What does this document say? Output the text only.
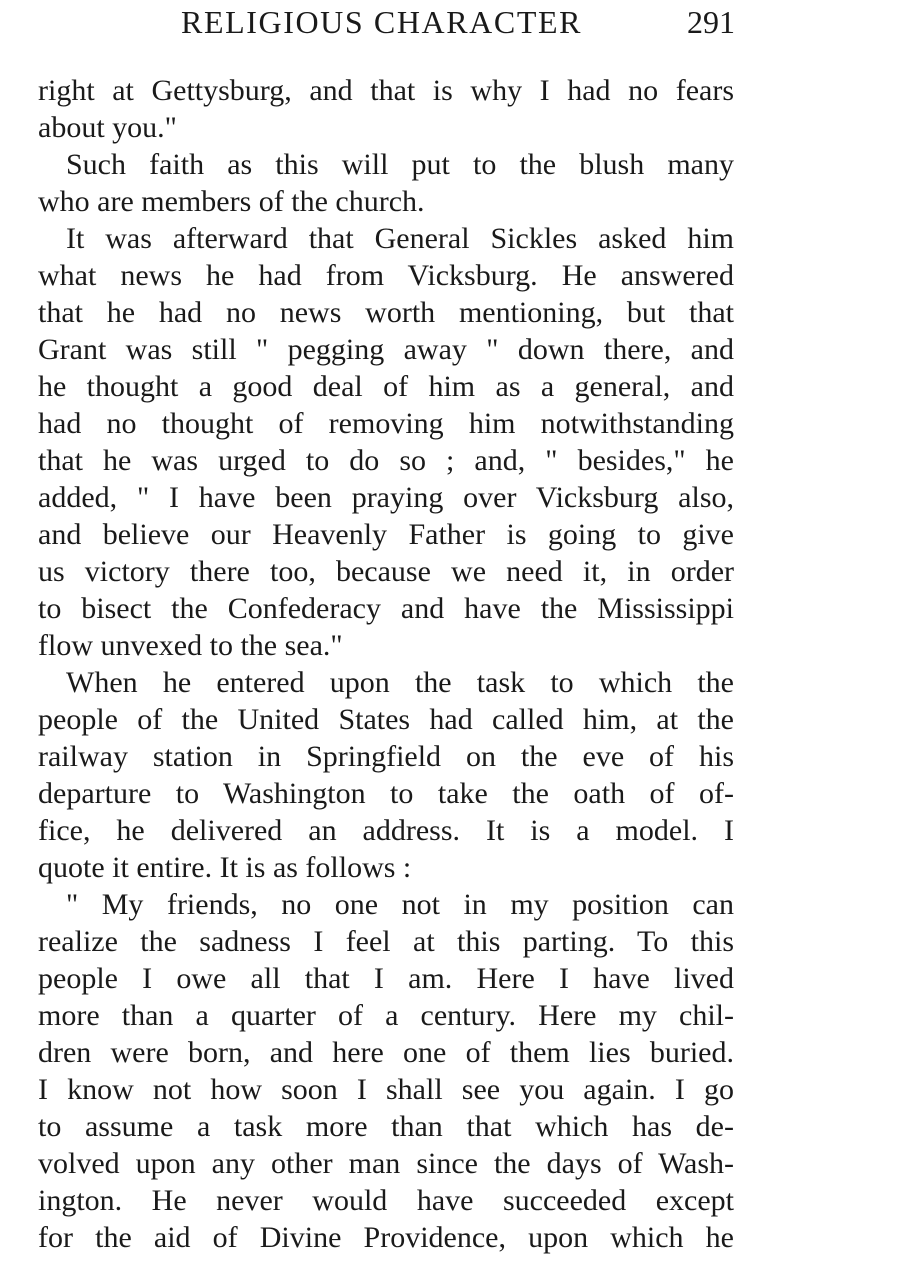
RELIGIOUS CHARACTER	291
right at Gettysburg, and that is why I had no fears
about you."
Such faith as this will put to the blush many
who are members of the church.
It was afterward that General Sickles asked him
what news he had from Vicksburg. He answered
that he had no news worth mentioning, but that
Grant was still " pegging away " down there, and
he thought a good deal of him as a general, and
had no thought of removing him notwithstanding
that he was urged to do so ; and, " besides," he
added, " I have been praying over Vicksburg also,
and believe our Heavenly Father is going to give
us victory there too, because we need it, in order
to bisect the Confederacy and have the Mississippi
flow unvexed to the sea."
When he entered upon the task to which the
people of the United States had called him, at the
railway station in Springfield on the eve of his
departure to Washington to take the oath of of-
fice, he delivered an address. It is a model. I
quote it entire. It is as follows :
" My friends, no one not in my position can
realize the sadness I feel at this parting. To this
people I owe all that I am. Here I have lived
more than a quarter of a century. Here my chil-
dren were born, and here one of them lies buried.
I know not how soon I shall see you again. I go
to assume a task more than that which has de-
volved upon any other man since the days of Wash-
ington. He never would have succeeded except
for the aid of Divine Providence, upon which he
